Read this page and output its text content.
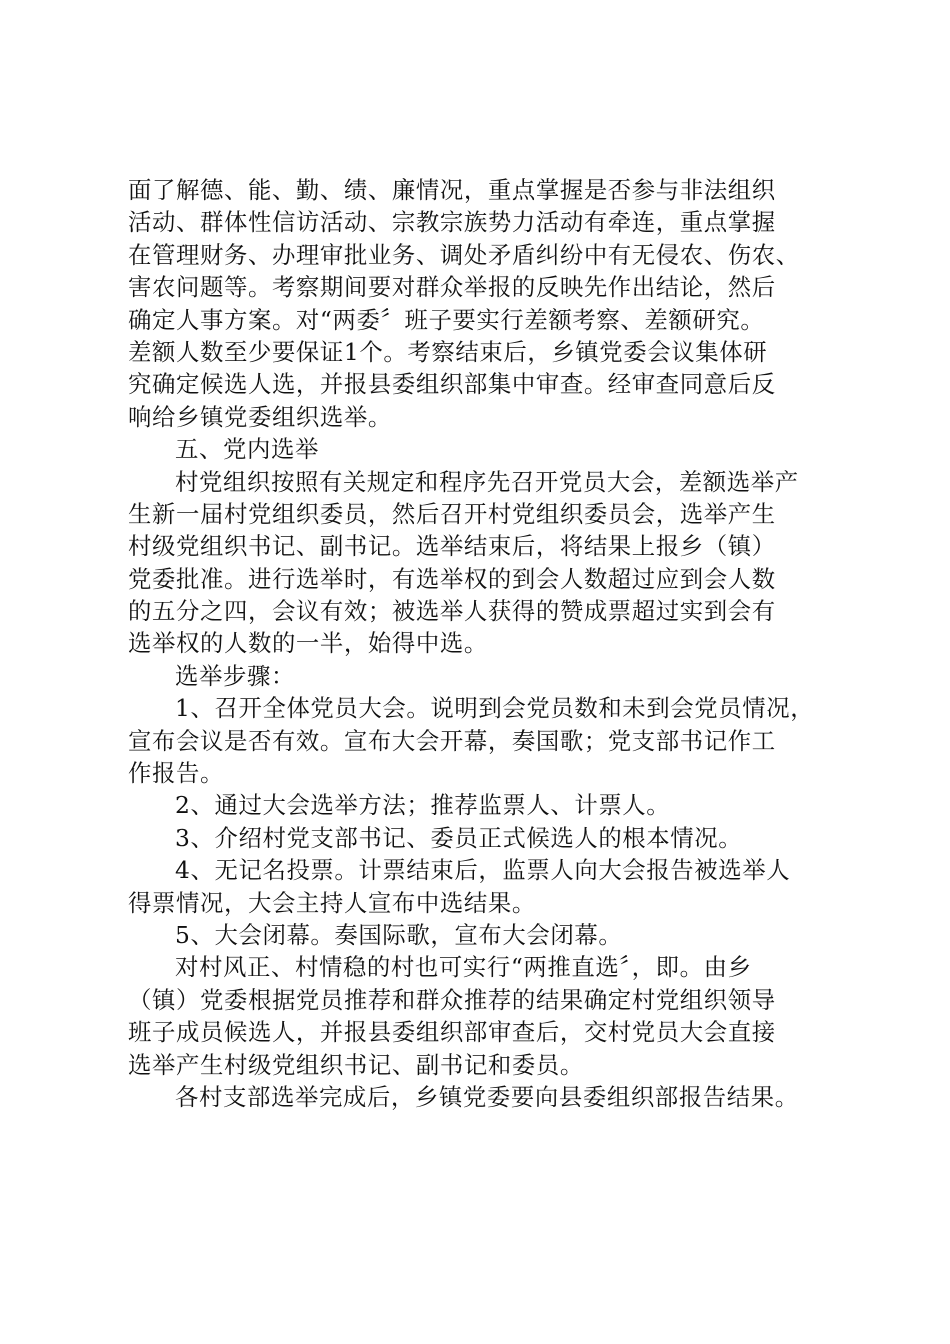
面了解德、能、勤、绩、廉情况，重点掌握是否参与非法组织
活动、群体性信访活动、宗教宗族势力活动有牵连，重点掌握
在管理财务、办理审批业务、调处矛盾纠纷中有无侵农、伤农、
害农问题等。考察期间要对群众举报的反映先作出结论，然后
确定人事方案。对“两委〞班子要实行差额考察、差额研究。
差额人数至少要保证1个。考察结束后，乡镇党委会议集体研
究确定候选人选，并报县委组织部集中审查。经审查同意后反
响给乡镇党委组织选举。
五、党内选举
村党组织按照有关规定和程序先召开党员大会，差额选举产
生新一届村党组织委员，然后召开村党组织委员会，选举产生
村级党组织书记、副书记。选举结束后，将结果上报乡（镇）
党委批准。进行选举时，有选举权的到会人数超过应到会人数
的五分之四，会议有效；被选举人获得的赞成票超过实到会有
选举权的人数的一半，始得中选。
选举步骤：
1、召开全体党员大会。说明到会党员数和未到会党员情况，
宣布会议是否有效。宣布大会开幕，奏国歌；党支部书记作工
作报告。
2、通过大会选举方法；推荐监票人、计票人。
3、介绍村党支部书记、委员正式候选人的根本情况。
4、无记名投票。计票结束后，监票人向大会报告被选举人
得票情况，大会主持人宣布中选结果。
5、大会闭幕。奏国际歌，宣布大会闭幕。
对村风正、村情稳的村也可实行“两推直选〞，即。由乡
（镇）党委根据党员推荐和群众推荐的结果确定村党组织领导
班子成员候选人，并报县委组织部审查后，交村党员大会直接
选举产生村级党组织书记、副书记和委员。
各村支部选举完成后，乡镇党委要向县委组织部报告结果。
